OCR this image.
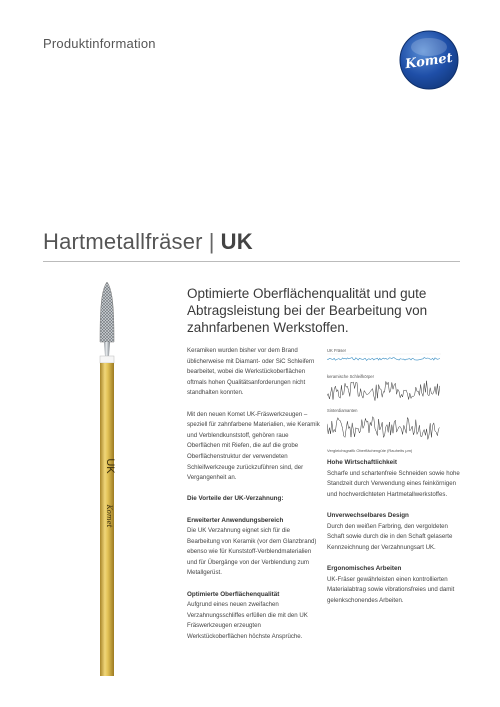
Produktinformation
Komet
Hartmetallfräser | UK
Optimierte Oberflächenqualität und gute Abtragsleistung bei der Bearbeitung von zahnfarbenen Werkstoffen.
UK
Komet

Keramiken wurden bisher vor dem Brand üblicherweise mit Diamant- oder SiC Schleifern bearbeitet, wobei die Werkstückoberflächen oftmals hohen Qualitätsanforderungen nicht standhalten konnten.

Mit den neuen Komet UK-Fräswerkzeugen – speziell für zahnfarbene Materialien, wie Keramik und Verblendkunststoff, gehören raue Oberflächen mit Riefen, die auf die grobe Oberflächenstruktur der verwendeten Schleifwerkzeuge zurückzuführen sind, der Vergangenheit an.

Die Vorteile der UK-Verzahnung:
Erweiterter Anwendungsbereich

Die UK Verzahnung eignet sich für die Bearbeitung von Keramik (vor dem Glanzbrand) ebenso wie für Kunststoff-Verblendmaterialien und für Übergänge von der Verblendung zum Metallgerüst.

Optimierte Oberflächenqualität

Aufgrund eines neuen zweifachen Verzahnungsschliffes erfüllen die mit den UK Fräswerkzeugen erzeugten Werkstückoberflächen höchste Ansprüche.

UK Fräser
keramische Schleifkörper
Sinterdiamanten
Vergleichsgrafik Oberflächengüte (Rauheits μm)
Hohe Wirtschaftlichkeit

Scharfe und schartenfreie Schneiden sowie hohe Standzeit durch Verwendung eines feinkörnigen und hochverdichteten Hartmetallwerkstoffes.

Unverwechselbares Design

Durch den weißen Farbring, den vergoldeten Schaft sowie durch die in den Schaft gelaserte Kennzeichnung der Verzahnungsart UK.

Ergonomisches Arbeiten

UK-Fräser gewährleisten einen kontrollierten Materialabtrag sowie vibrationsfreies und damit gelenkschonendes Arbeiten.
